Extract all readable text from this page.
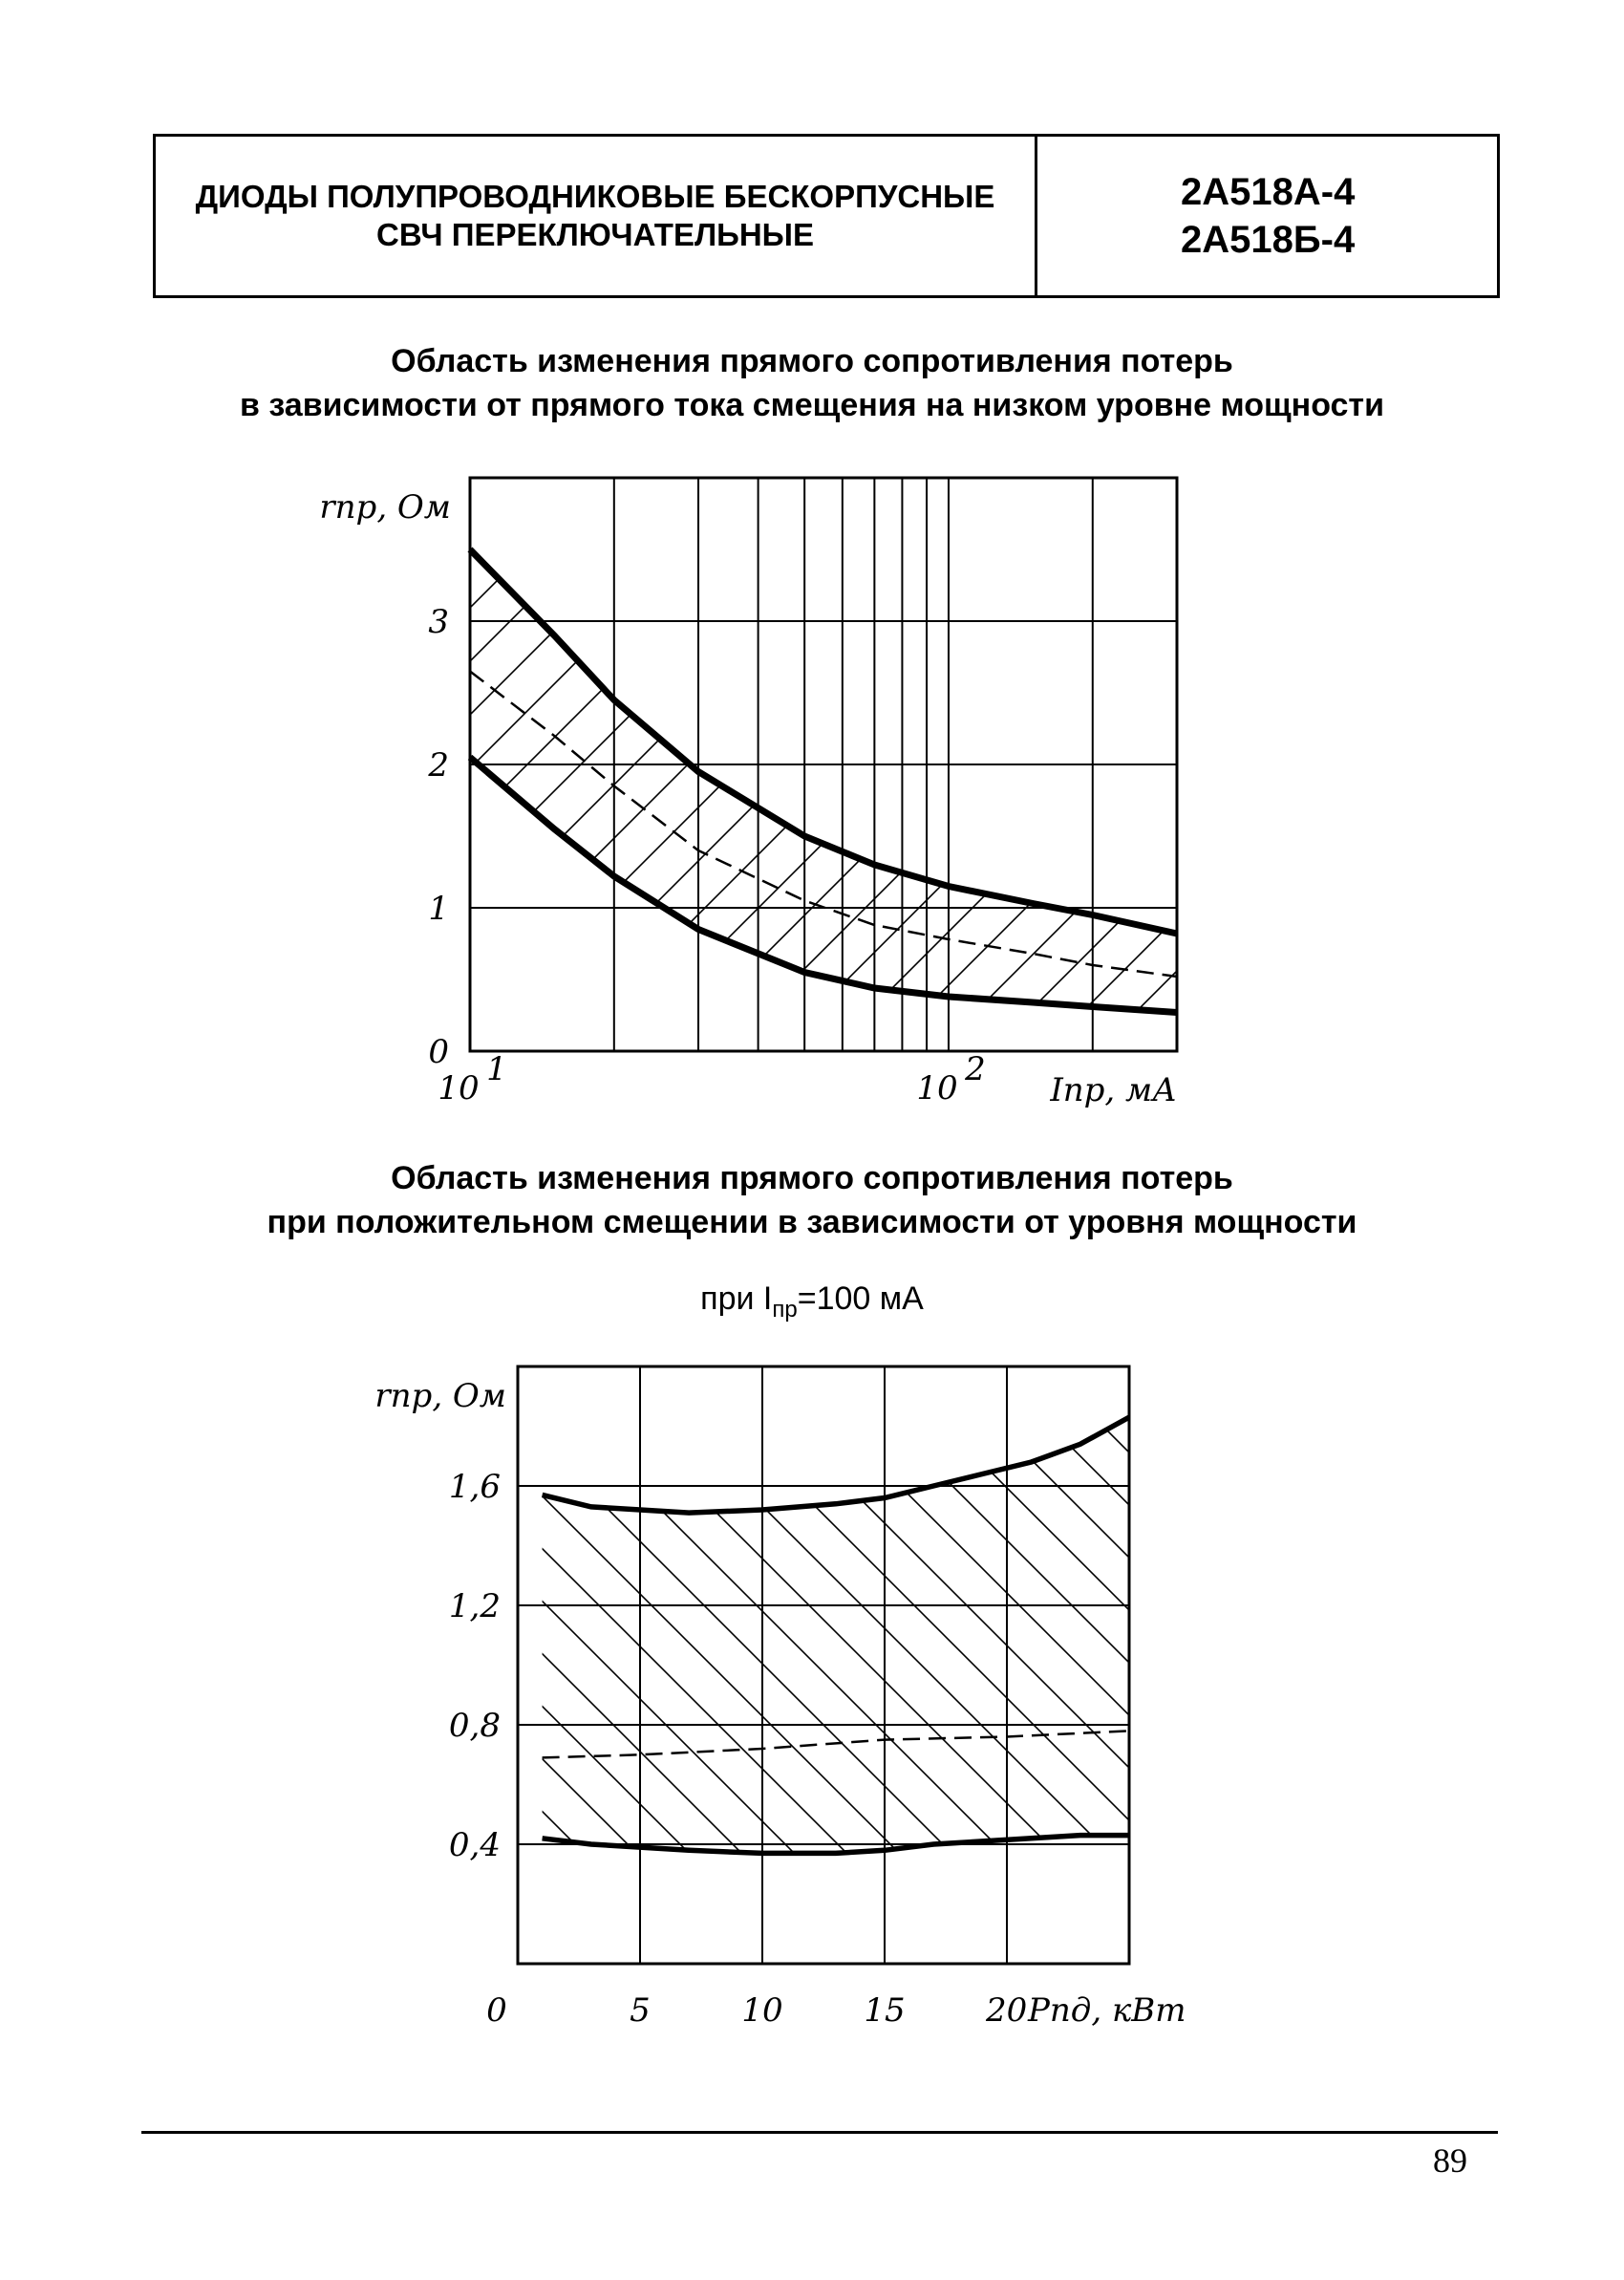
ДИОДЫ ПОЛУПРОВОДНИКОВЫЕ БЕСКОРПУСНЫЕ
СВЧ ПЕРЕКЛЮЧАТЕЛЬНЫЕ
2А518А-4
2А518Б-4
Область изменения прямого сопротивления потерь
в зависимости от прямого тока смещения на низком уровне мощности
0
1
2
3
10 1	10 2
rпр, Ом
Iпр, мА
Область изменения прямого сопротивления потерь
при положительном смещении в зависимости от уровня мощности
при $I_{пр}=100$ мА
0,4
0,8
1,2
1,6
0	5	10 15 20 Pпд, кВт
rпр, Ом
89
